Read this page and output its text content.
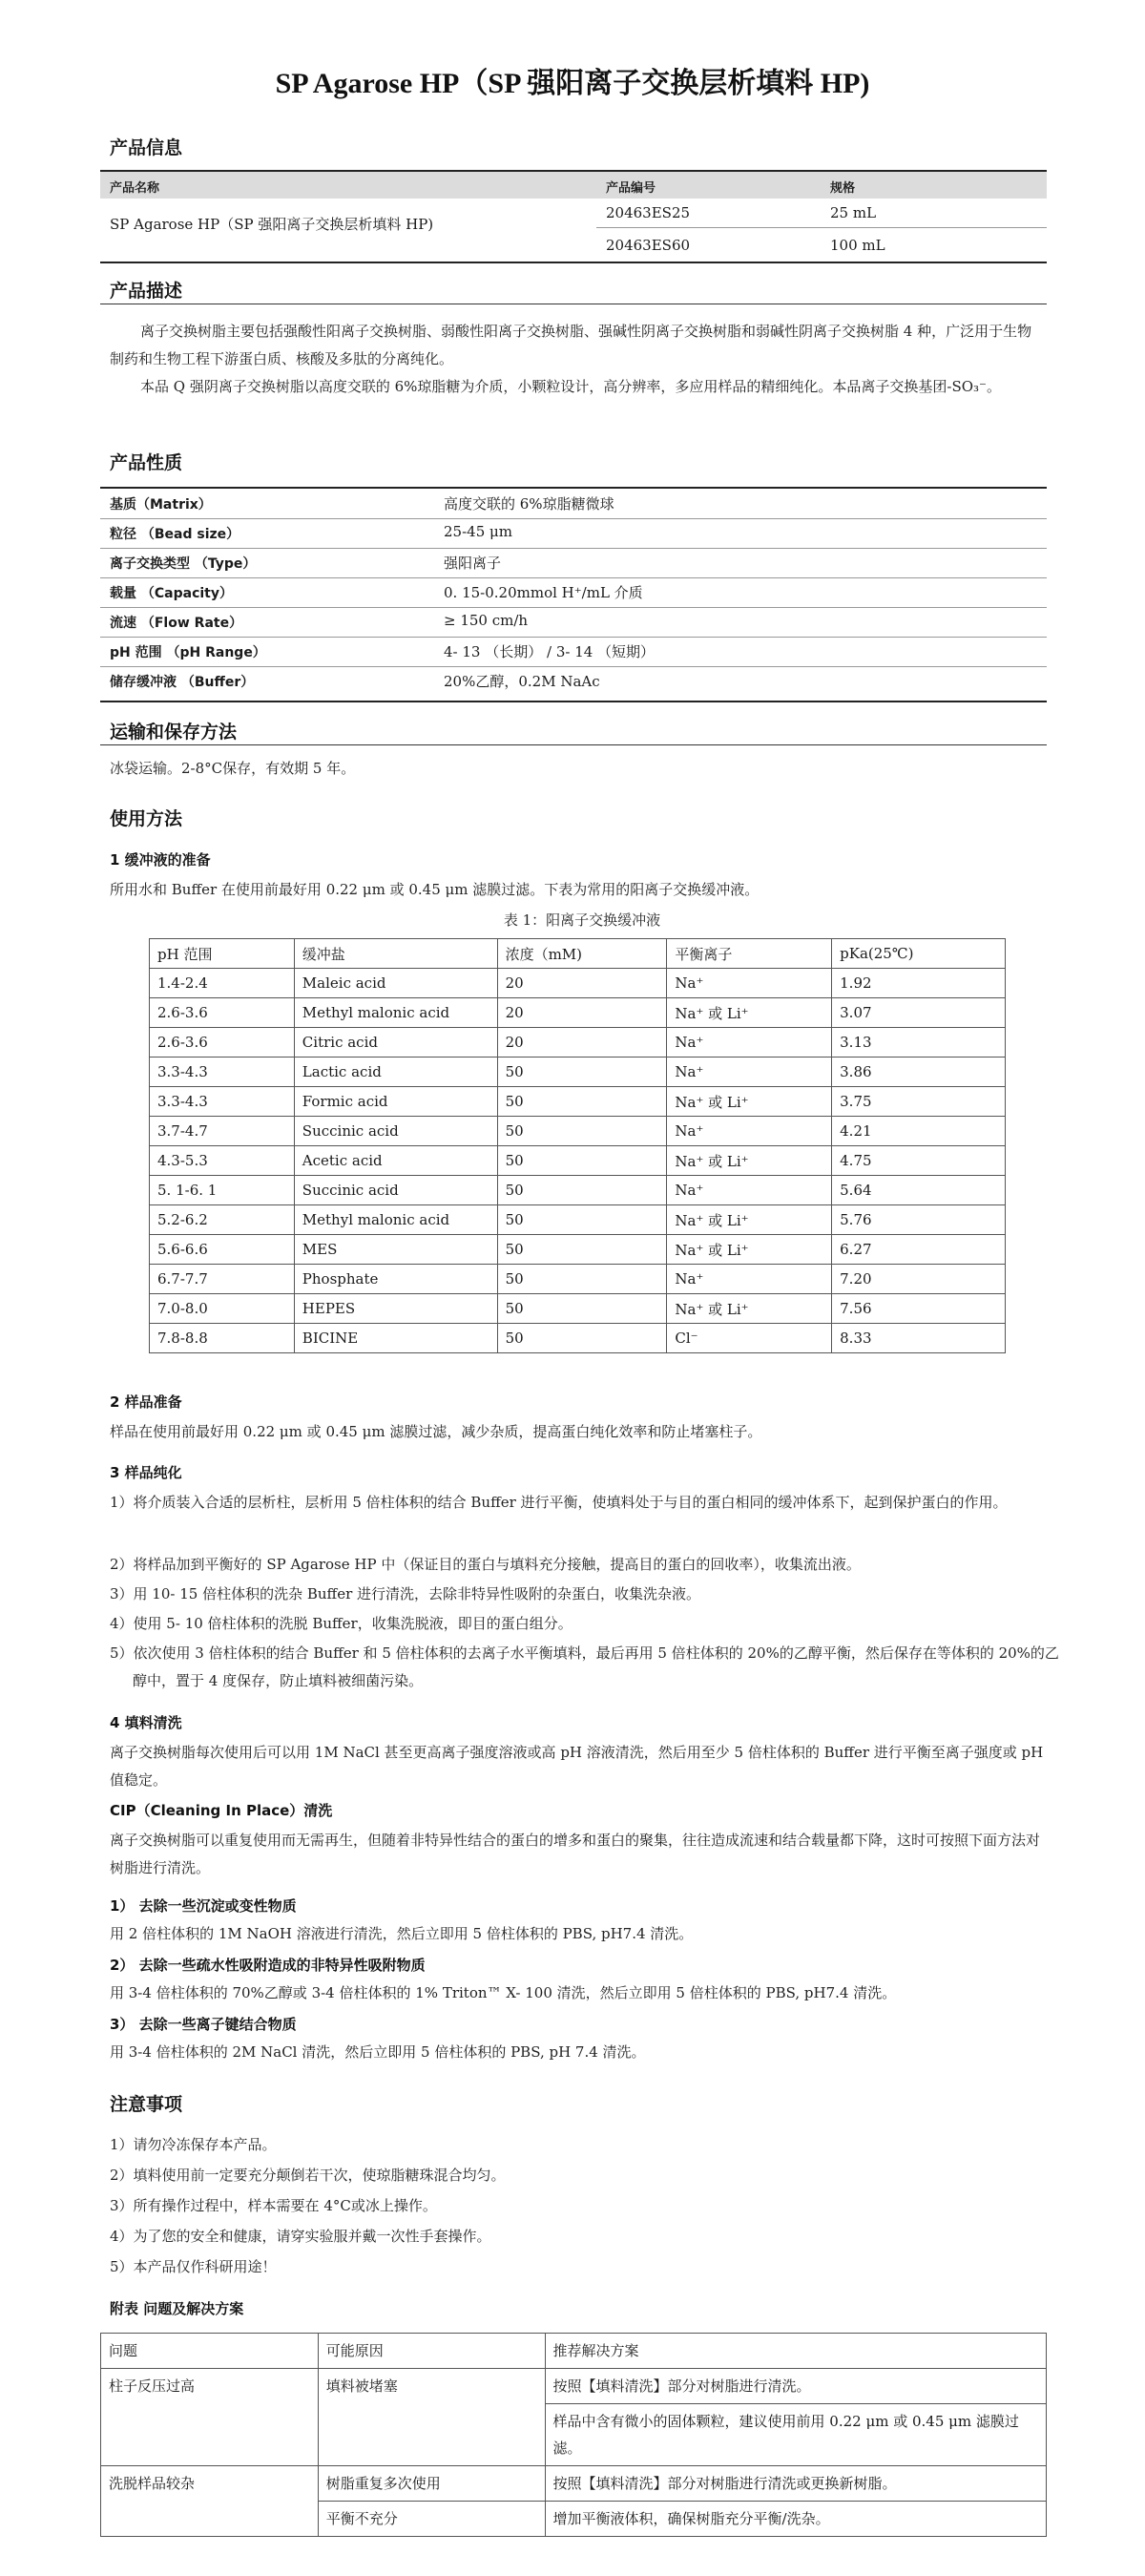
SP Agarose HP（SP 强阳离子交换层析填料 HP)
产品信息
产品名称	产品编号	规格
SP Agarose HP（SP 强阳离子交换层析填料 HP)
20463ES25	25 mL
20463ES60	100 mL
产品描述
离子交换树脂主要包括强酸性阳离子交换树脂、弱酸性阳离子交换树脂、强碱性阴离子交换树脂和弱碱性阴离子交换树脂 4 种，广泛用于生物制药和生物工程下游蛋白质、核酸及多肽的分离纯化。
本品 Q 强阴离子交换树脂以高度交联的 6%琼脂糖为介质，小颗粒设计，高分辨率，多应用样品的精细纯化。本品离子交换基团-SO₃⁻。
产品性质
基质（Matrix）	高度交联的 6%琼脂糖微球
粒径 （Bead size）	25-45 μm
离子交换类型 （Type）	强阳离子
载量 （Capacity）	0. 15-0.20mmol H⁺/mL 介质
流速 （Flow Rate）	≥ 150 cm/h
pH 范围 （pH Range）	4- 13 （长期） / 3- 14 （短期）
储存缓冲液 （Buffer）	20%乙醇，0.2M NaAc
运输和保存方法
冰袋运输。2-8°C保存，有效期 5 年。
使用方法
1 缓冲液的准备
所用水和 Buffer 在使用前最好用 0.22 μm 或 0.45 μm 滤膜过滤。下表为常用的阳离子交换缓冲液。
表 1：阳离子交换缓冲液
pH 范围	缓冲盐	浓度（mM)	平衡离子	pKa(25℃)
1.4-2.4	Maleic acid	20	Na⁺	1.92
2.6-3.6	Methyl malonic acid	20	Na⁺ 或 Li⁺	3.07
2.6-3.6	Citric acid	20	Na⁺	3.13
3.3-4.3	Lactic acid	50	Na⁺	3.86
3.3-4.3	Formic acid	50	Na⁺ 或 Li⁺	3.75
3.7-4.7	Succinic acid	50	Na⁺	4.21
4.3-5.3	Acetic acid	50	Na⁺ 或 Li⁺	4.75
5. 1-6. 1	Succinic acid	50	Na⁺	5.64
5.2-6.2	Methyl malonic acid	50	Na⁺ 或 Li⁺	5.76
5.6-6.6	MES	50	Na⁺ 或 Li⁺	6.27
6.7-7.7	Phosphate	50	Na⁺	7.20
7.0-8.0	HEPES	50	Na⁺ 或 Li⁺	7.56
7.8-8.8	BICINE	50	Cl⁻	8.33
2 样品准备
样品在使用前最好用 0.22 μm 或 0.45 μm 滤膜过滤，减少杂质，提高蛋白纯化效率和防止堵塞柱子。
3 样品纯化
1）将介质装入合适的层析柱，层析用 5 倍柱体积的结合 Buffer 进行平衡，使填料处于与目的蛋白相同的缓冲体系下，起到保护蛋白的作用。
2）将样品加到平衡好的 SP Agarose HP 中（保证目的蛋白与填料充分接触，提高目的蛋白的回收率），收集流出液。
3）用 10- 15 倍柱体积的洗杂 Buffer 进行清洗，去除非特异性吸附的杂蛋白，收集洗杂液。
4）使用 5- 10 倍柱体积的洗脱 Buffer，收集洗脱液，即目的蛋白组分。
5）依次使用 3 倍柱体积的结合 Buffer 和 5 倍柱体积的去离子水平衡填料，最后再用 5 倍柱体积的 20%的乙醇平衡，然后保存在等体积的 20%的乙醇中，置于 4 度保存，防止填料被细菌污染。
4 填料清洗
离子交换树脂每次使用后可以用 1M NaCl 甚至更高离子强度溶液或高 pH 溶液清洗，然后用至少 5 倍柱体积的 Buffer 进行平衡至离子强度或 pH 值稳定。
CIP（Cleaning In Place）清洗
离子交换树脂可以重复使用而无需再生，但随着非特异性结合的蛋白的增多和蛋白的聚集，往往造成流速和结合载量都下降，这时可按照下面方法对树脂进行清洗。
1） 去除一些沉淀或变性物质
用 2 倍柱体积的 1M NaOH 溶液进行清洗，然后立即用 5 倍柱体积的 PBS, pH7.4 清洗。
2） 去除一些疏水性吸附造成的非特异性吸附物质
用 3-4 倍柱体积的 70%乙醇或 3-4 倍柱体积的 1% Triton™ X- 100 清洗，然后立即用 5 倍柱体积的 PBS, pH7.4 清洗。
3） 去除一些离子键结合物质
用 3-4 倍柱体积的 2M NaCl 清洗，然后立即用 5 倍柱体积的 PBS, pH 7.4 清洗。
注意事项
1）请勿冷冻保存本产品。
2）填料使用前一定要充分颠倒若干次，使琼脂糖珠混合均匀。
3）所有操作过程中，样本需要在 4°C或冰上操作。
4）为了您的安全和健康，请穿实验服并戴一次性手套操作。
5）本产品仅作科研用途！
附表 问题及解决方案
问题	可能原因	推荐解决方案
柱子反压过高	填料被堵塞	按照【填料清洗】部分对树脂进行清洗。
		样品中含有微小的固体颗粒，建议使用前用 0.22 μm 或 0.45 μm 滤膜过滤。
洗脱样品较杂	树脂重复多次使用	按照【填料清洗】部分对树脂进行清洗或更换新树脂。
	平衡不充分	增加平衡液体积，确保树脂充分平衡/洗杂。
